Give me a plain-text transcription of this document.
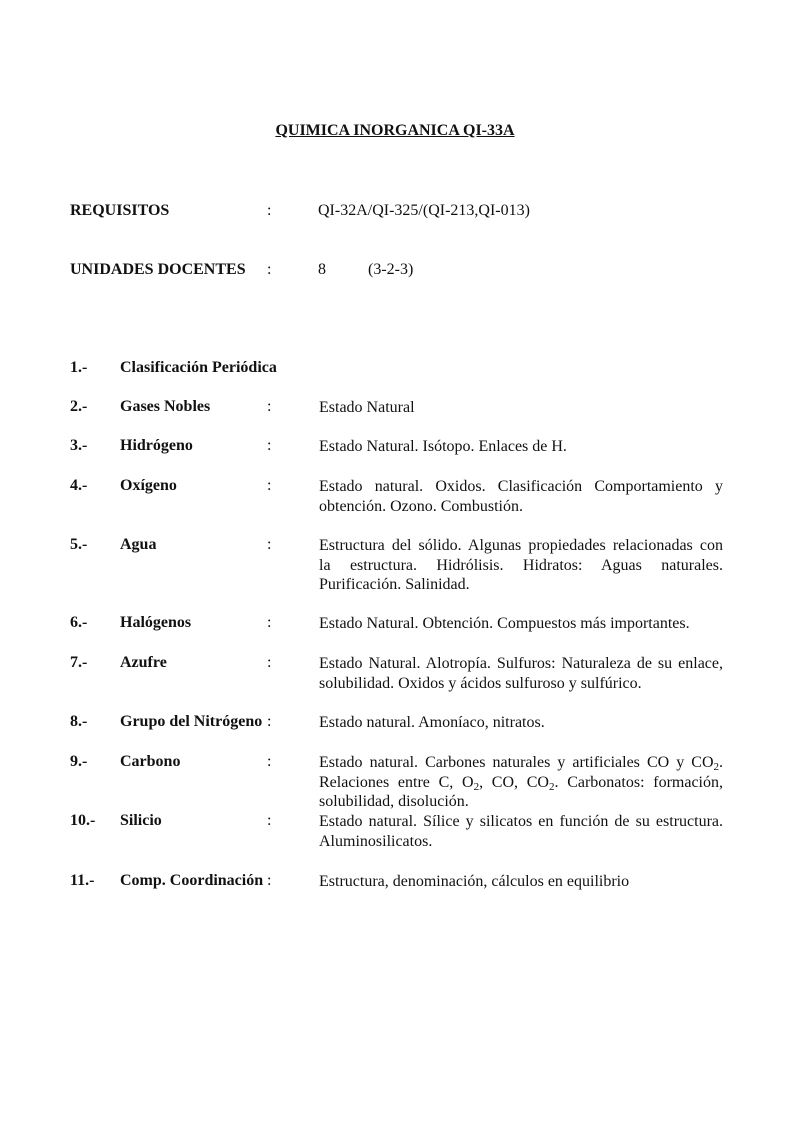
QUIMICA INORGANICA QI-33A
REQUISITOS	:	QI-32A/QI-325/(QI-213,QI-013)
UNIDADES DOCENTES :	8	(3-2-3)
1.- Clasificación Periódica
2.- Gases Nobles	:	Estado Natural
3.- Hidrógeno	:	Estado Natural. Isótopo. Enlaces de H.
4.- Oxígeno	:	Estado natural. Oxidos. Clasificación Comportamiento y
obtención. Ozono. Combustión.
5.- Agua	:	Estructura del sólido. Algunas propiedades relacionadas con
la estructura. Hidrólisis. Hidratos: Aguas naturales.
Purificación. Salinidad.
6.- Halógenos	:	Estado Natural. Obtención. Compuestos más importantes.
7.- Azufre	:	Estado Natural. Alotropía. Sulfuros: Naturaleza de su enlace,
solubilidad. Oxidos y ácidos sulfuroso y sulfúrico.
8.- Grupo del Nitrógeno :	Estado natural. Amoníaco, nitratos.
9.- Carbono	:	Estado natural. Carbones naturales y artificiales CO y $CO_2$.
Relaciones entre C, $O_2$, CO, $CO_2$. Carbonatos: formación,
solubilidad, disolución.
10.- Silicio	:	Estado natural. Sílice y silicatos en función de su estructura.
Aluminosilicatos.
11.- Comp. Coordinación :	Estructura, denominación, cálculos en equilibrio
